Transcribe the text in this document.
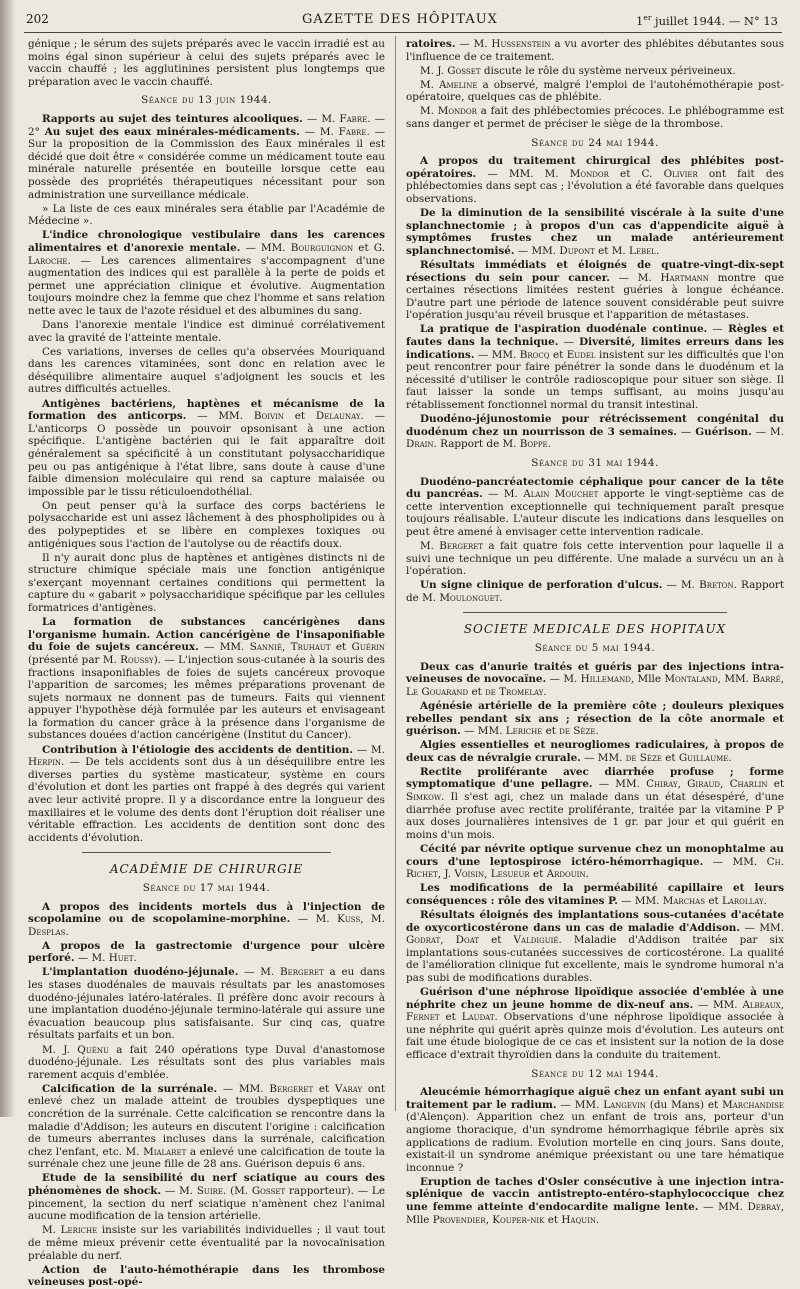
202	GAZETTE DES HÔPITAUX	1er juillet 1944. — N° 13

génique ; le sérum des sujets préparés avec le vaccin irradié est au moins égal sinon supérieur à celui des sujets préparés avec le vaccin chauffé ; les agglutinines persistent plus longtemps que préparation avec le vaccin chauffé.

Séance du 13 juin 1944.

Rapports au sujet des teintures alcooliques. — M. Fabre. — 2° Au sujet des eaux minérales-médicaments. — M. Fabre. — Sur la proposition de la Commission des Eaux minérales il est décidé que doit être « considérée comme un médicament toute eau minérale naturelle présentée en bouteille lorsque cette eau possède des propriétés thérapeutiques nécessitant pour son administration une surveillance médicale.

» La liste de ces eaux minérales sera établie par l'Académie de Médecine ».

L'indice chronologique vestibulaire dans les carences alimentaires et d'anorexie mentale. — MM. Bourguignon et G. Laroche. — Les carences alimentaires s'accompagnent d'une augmentation des indices qui est parallèle à la perte de poids et permet une appréciation clinique et évolutive. Augmentation toujours moindre chez la femme que chez l'homme et sans relation nette avec le taux de l'azote résiduel et des albumines du sang.

Dans l'anorexie mentale l'indice est diminué corrélativement avec la gravité de l'atteinte mentale.

Ces variations, inverses de celles qu'a observées Mouriquand dans les carences vitaminées, sont donc en relation avec le déséquilibre alimentaire auquel s'adjoignent les soucis et les autres difficultés actuelles.

Antigènes bactériens, haptènes et mécanisme de la formation des anticorps. — MM. Boivin et Delaunay. — L'anticorps O possède un pouvoir opsonisant à une action spécifique. L'antigène bactérien qui le fait apparaître doit généralement sa spécificité à un constitutant polysaccharidique peu ou pas antigénique à l'état libre, sans doute à cause d'une faible dimension moléculaire qui rend sa capture malaisée ou impossible par le tissu réticuloendothélial.

On peut penser qu'à la surface des corps bactériens le polysaccharide est uni assez lâchement à des phospholipides ou à des polypeptides et se libère en complexes toxiques ou antigéniques sous l'action de l'autolyse ou de réactifs doux.

Il n'y aurait donc plus de haptènes et antigènes distincts ni de structure chimique spéciale mais une fonction antigénique s'exerçant moyennant certaines conditions qui permettent la capture du « gabarit » polysaccharidique spécifique par les cellules formatrices d'antigènes.

La formation de substances cancérigènes dans l'organisme humain. Action cancérigène de l'insaponifiable du foie de sujets cancéreux. — MM. Sannié, Truhaut et Guérin (présenté par M. Roussy). — L'injection sous-cutanée à la souris des fractions insaponifiables de foies de sujets cancéreux provoque l'apparition de sarcomes; les mêmes préparations provenant de sujets normaux ne donnent pas de tumeurs. Faits qui viennent appuyer l'hypothèse déjà formulée par les auteurs et envisageant la formation du cancer grâce à la présence dans l'organisme de substances douées d'action cancérigène (Institut du Cancer).

Contribution à l'étiologie des accidents de dentition. — M. Herpin. — De tels accidents sont dus à un déséquilibre entre les diverses parties du système masticateur, système en cours d'évolution et dont les parties ont frappé à des degrés qui varient avec leur activité propre. Il y a discordance entre la longueur des maxillaires et le volume des dents dont l'éruption doit réaliser une véritable effraction. Les accidents de dentition sont donc des accidents d'évolution.

ACADÉMIE DE CHIRURGIE
Séance du 17 mai 1944.

A propos des incidents mortels dus à l'injection de scopolamine ou de scopolamine-morphine. — M. Kuss, M. Desplas.

A propos de la gastrectomie d'urgence pour ulcère perforé. — M. Huet.

L'implantation duodéno-jéjunale. — M. Bergeret a eu dans les stases duodénales de mauvais résultats par les anastomoses duodéno-jéjunales latéro-latérales. Il préfère donc avoir recours à une implantation duodéno-jéjunale termino-latérale qui assure une évacuation beaucoup plus satisfaisante. Sur cinq cas, quatre résultats parfaits et un bon.

M. J. Quénu a fait 240 opérations type Duval d'anastomose duodéno-jéjunale. Les résultats sont des plus variables mais rarement acquis d'emblée.

Calcification de la surrénale. — MM. Bergeret et Varay ont enlevé chez un malade atteint de troubles dyspeptiques une concrétion de la surrénale. Cette calcification se rencontre dans la maladie d'Addison; les auteurs en discutent l'origine : calcification de tumeurs aberrantes incluses dans la surrénale, calcification chez l'enfant, etc. M. Mialaret a enlevé une calcification de toute la surrénale chez une jeune fille de 28 ans. Guérison depuis 6 ans.

Etude de la sensibilité du nerf sciatique au cours des phénomènes de shock. — M. Suire. (M. Gosset rapporteur). — Le pincement, la section du nerf sciatique n'amènent chez l'animal aucune modification de la tension artérielle.

M. Leriche insiste sur les variabilités individuelles ; il vaut tout de même mieux prévenir cette éventualité par la novocaïnisation préalable du nerf.

Action de l'auto-hémothérapie dans les thrombose veineuses post-opé-

ratoires. — M. Hussenstein a vu avorter des phlébites débutantes sous l'influence de ce traitement.

M. J. Gosset discute le rôle du système nerveux périveineux.

M. Ameline a observé, malgré l'emploi de l'autohémothérapie post-opératoire, quelques cas de phlébite.

M. Mondor a fait des phlébectomies précoces. Le phlébogramme est sans danger et permet de préciser le siège de la thrombose.

Séance du 24 mai 1944.

A propos du traitement chirurgical des phlébites post-opératoires. — MM. M. Mondor et C. Olivier ont fait des phlébectomies dans sept cas ; l'évolution a été favorable dans quelques observations.

De la diminution de la sensibilité viscérale à la suite d'une splanchnectomie ; à propos d'un cas d'appendicite aiguë à symptômes frustes chez un malade antérieurement splanchnectomisé. — MM. Dupont et M. Lebel.

Résultats immédiats et éloignés de quatre-vingt-dix-sept résections du sein pour cancer. — M. Hartmann montre que certaines résections limitées restent guéries à longue échéance. D'autre part une période de latence souvent considérable peut suivre l'opération jusqu'au réveil brusque et l'apparition de métastases.

La pratique de l'aspiration duodénale continue. — Règles et fautes dans la technique. — Diversité, limites erreurs dans les indications. — MM. Brocq et Eudel insistent sur les difficultés que l'on peut rencontrer pour faire pénétrer la sonde dans le duodénum et la nécessité d'utiliser le contrôle radioscopique pour situer son siège. Il faut laisser la sonde un temps suffisant, au moins jusqu'au rétablissement fonctionnel normal du transit intestinal.

Duodéno-jéjunostomie pour rétrécissement congénital du duodénum chez un nourrisson de 3 semaines. — Guérison. — M. Drain. Rapport de M. Boppe.

Séance du 31 mai 1944.

Duodéno-pancréatectomie céphalique pour cancer de la tête du pancréas. — M. Alain Mouchet apporte le vingt-septième cas de cette intervention exceptionnelle qui techniquement paraît presque toujours réalisable. L'auteur discute les indications dans lesquelles on peut être amené à envisager cette intervention radicale.

M. Bergeret a fait quatre fois cette intervention pour laquelle il a suivi une technique un peu différente. Une malade a survécu un an à l'opération.

Un signe clinique de perforation d'ulcus. — M. Breton. Rapport de M. Moulonguet.

SOCIETE MEDICALE DES HOPITAUX
Séance du 5 mai 1944.

Deux cas d'anurie traités et guéris par des injections intra-veineuses de novocaïne. — M. Hillemand, Mlle Montaland, MM. Barré, Le Gouarand et de Tromelay.

Agénésie artérielle de la première côte ; douleurs plexiques rebelles pendant six ans ; résection de la côte anormale et guérison. — MM. Leriche et de Sèze.

Algies essentielles et neurogliomes radiculaires, à propos de deux cas de névralgie crurale. — MM. de Sèze et Guillaume.

Rectite proliférante avec diarrhée profuse ; forme symptomatique d'une pellagre. — MM. Chiray, Giraud, Charlin et Simkow. Il s'est agi, chez un malade dans un état désespéré, d'une diarrhée profuse avec rectite proliférante, traitée par la vitamine P P aux doses journalières intensives de 1 gr. par jour et qui guérit en moins d'un mois.

Cécité par névrite optique survenue chez un monophtalme au cours d'une leptospirose ictéro-hémorrhagique. — MM. Ch. Richet, J. Voisin, Lesueur et Ardouin.

Les modifications de la perméabilité capillaire et leurs conséquences : rôle des vitamines P. — MM. Marchas et Larollay.

Résultats éloignés des implantations sous-cutanées d'acétate de oxycorticostérone dans un cas de maladie d'Addison. — MM. Godrat, Doat et Valdiguié. Maladie d'Addison traitée par six implantations sous-cutanées successives de corticostérone. La qualité de l'amélioration clinique fut excellente, mais le syndrome humoral n'a pas subi de modifications durables.

Guérison d'une néphrose lipoïdique associée d'emblée à une néphrite chez un jeune homme de dix-neuf ans. — MM. Albeaux, Fernet et Laudat. Observations d'une néphrose lipoïdique associée à une néphrite qui guérit après quinze mois d'évolution. Les auteurs ont fait une étude biologique de ce cas et insistent sur la notion de la dose efficace d'extrait thyroïdien dans la conduite du traitement.

Séance du 12 mai 1944.

Aleucémie hémorrhagique aiguë chez un enfant ayant subi un traitement par le radium. — MM. Langevin (du Mans) et Marchandise (d'Alençon). Apparition chez un enfant de trois ans, porteur d'un angiome thoracique, d'un syndrome hémorrhagique fébrile après six applications de radium. Evolution mortelle en cinq jours. Sans doute, existait-il un syndrome anémique préexistant ou une tare hématique inconnue ?

Eruption de taches d'Osler consécutive à une injection intra-splénique de vaccin antistrepto-entéro-staphylococcique chez une femme atteinte d'endocardite maligne lente. — MM. Debray, Mlle Provendier, Kouper-nik et Haquin.
